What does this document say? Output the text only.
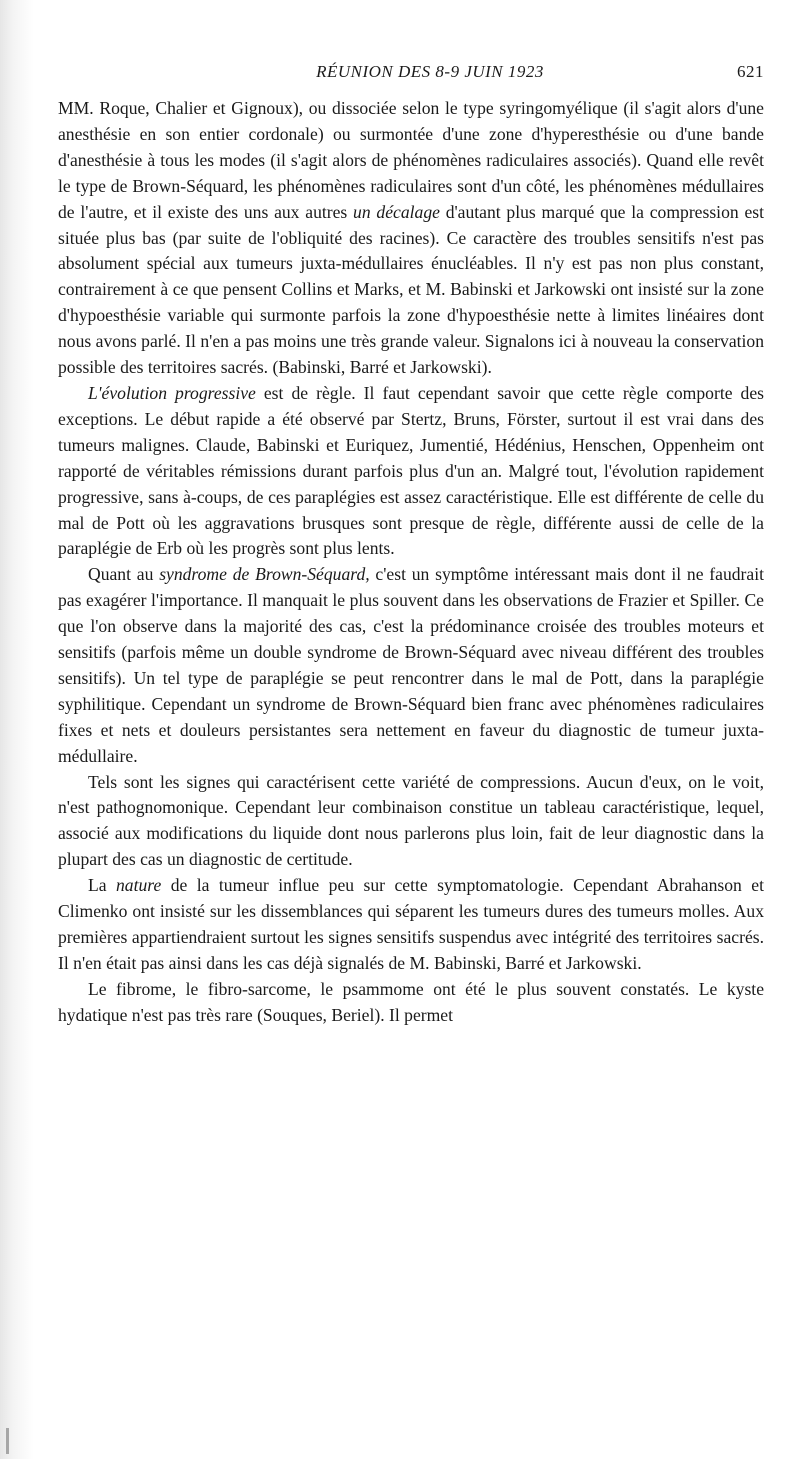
RÉUNION DES 8-9 JUIN 1923	621

MM. Roque, Chalier et Gignoux), ou dissociée selon le type syringomyélique (il s'agit alors d'une anesthésie en son entier cordonale) ou surmontée d'une zone d'hyperesthésie ou d'une bande d'anesthésie à tous les modes (il s'agit alors de phénomènes radiculaires associés). Quand elle revêt le type de Brown-Séquard, les phénomènes radiculaires sont d'un côté, les phénomènes médullaires de l'autre, et il existe des uns aux autres un décalage d'autant plus marqué que la compression est située plus bas (par suite de l'obliquité des racines). Ce caractère des troubles sensitifs n'est pas absolument spécial aux tumeurs juxta-médullaires énucléables. Il n'y est pas non plus constant, contrairement à ce que pensent Collins et Marks, et M. Babinski et Jarkowski ont insisté sur la zone d'hypoesthésie variable qui surmonte parfois la zone d'hypoesthésie nette à limites linéaires dont nous avons parlé. Il n'en a pas moins une très grande valeur. Signalons ici à nouveau la conservation possible des territoires sacrés. (Babinski, Barré et Jarkowski).

L'évolution progressive est de règle. Il faut cependant savoir que cette règle comporte des exceptions. Le début rapide a été observé par Stertz, Bruns, Förster, surtout il est vrai dans des tumeurs malignes. Claude, Babinski et Euriquez, Jumentié, Hédénius, Henschen, Oppenheim ont rapporté de véritables rémissions durant parfois plus d'un an. Malgré tout, l'évolution rapidement progressive, sans à-coups, de ces paraplégies est assez caractéristique. Elle est différente de celle du mal de Pott où les aggravations brusques sont presque de règle, différente aussi de celle de la paraplégie de Erb où les progrès sont plus lents.

Quant au syndrome de Brown-Séquard, c'est un symptôme intéressant mais dont il ne faudrait pas exagérer l'importance. Il manquait le plus souvent dans les observations de Frazier et Spiller. Ce que l'on observe dans la majorité des cas, c'est la prédominance croisée des troubles moteurs et sensitifs (parfois même un double syndrome de Brown-Séquard avec niveau différent des troubles sensitifs). Un tel type de paraplégie se peut rencontrer dans le mal de Pott, dans la paraplégie syphilitique. Cependant un syndrome de Brown-Séquard bien franc avec phénomènes radiculaires fixes et nets et douleurs persistantes sera nettement en faveur du diagnostic de tumeur juxta-médullaire.

Tels sont les signes qui caractérisent cette variété de compressions. Aucun d'eux, on le voit, n'est pathognomonique. Cependant leur combinaison constitue un tableau caractéristique, lequel, associé aux modifications du liquide dont nous parlerons plus loin, fait de leur diagnostic dans la plupart des cas un diagnostic de certitude.

La nature de la tumeur influe peu sur cette symptomatologie. Cependant Abrahanson et Climenko ont insisté sur les dissemblances qui séparent les tumeurs dures des tumeurs molles. Aux premières appartiendraient surtout les signes sensitifs suspendus avec intégrité des territoires sacrés. Il n'en était pas ainsi dans les cas déjà signalés de M. Babinski, Barré et Jarkowski.

Le fibrome, le fibro-sarcome, le psammome ont été le plus souvent constatés. Le kyste hydatique n'est pas très rare (Souques, Beriel). Il permet
